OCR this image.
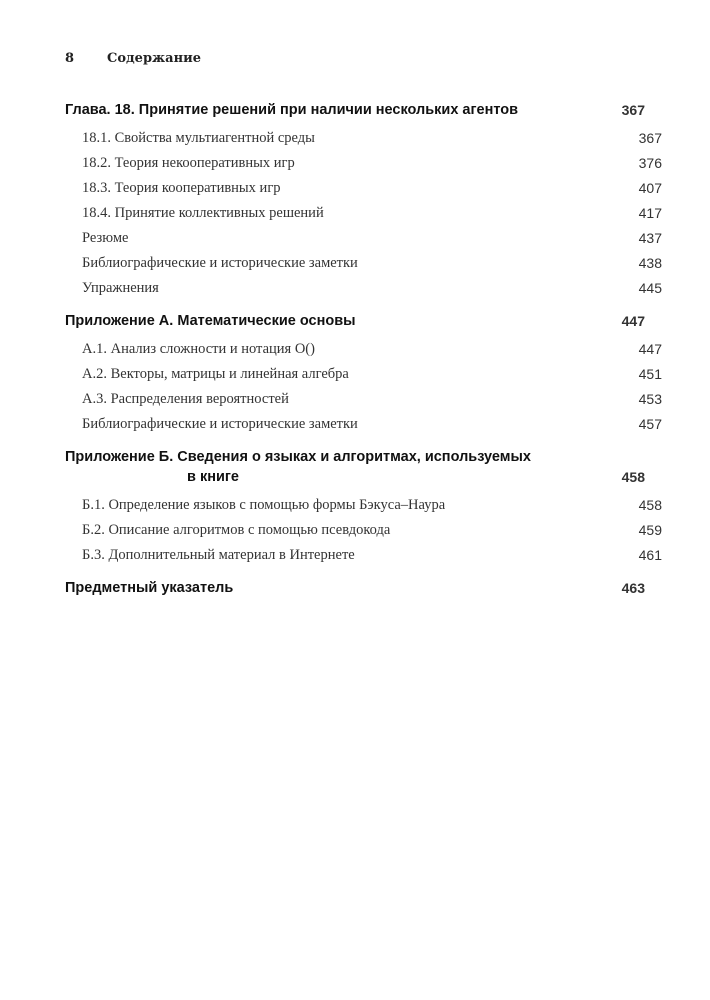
8	Содержание
Глава. 18. Принятие решений при наличии нескольких агентов	367
18.1. Свойства мультиагентной среды	367
18.2. Теория некооперативных игр	376
18.3. Теория кооперативных игр	407
18.4. Принятие коллективных решений	417
Резюме	437
Библиографические и исторические заметки	438
Упражнения	445
Приложение А. Математические основы	447
А.1. Анализ сложности и нотация О()	447
А.2. Векторы, матрицы и линейная алгебра	451
А.3. Распределения вероятностей	453
Библиографические и исторические заметки	457
Приложение Б. Сведения о языках и алгоритмах, используемых
в книге	458
Б.1. Определение языков с помощью формы Бэкуса–Наура	458
Б.2. Описание алгоритмов с помощью псевдокода	459
Б.3. Дополнительный материал в Интернете	461
Предметный указатель	463
